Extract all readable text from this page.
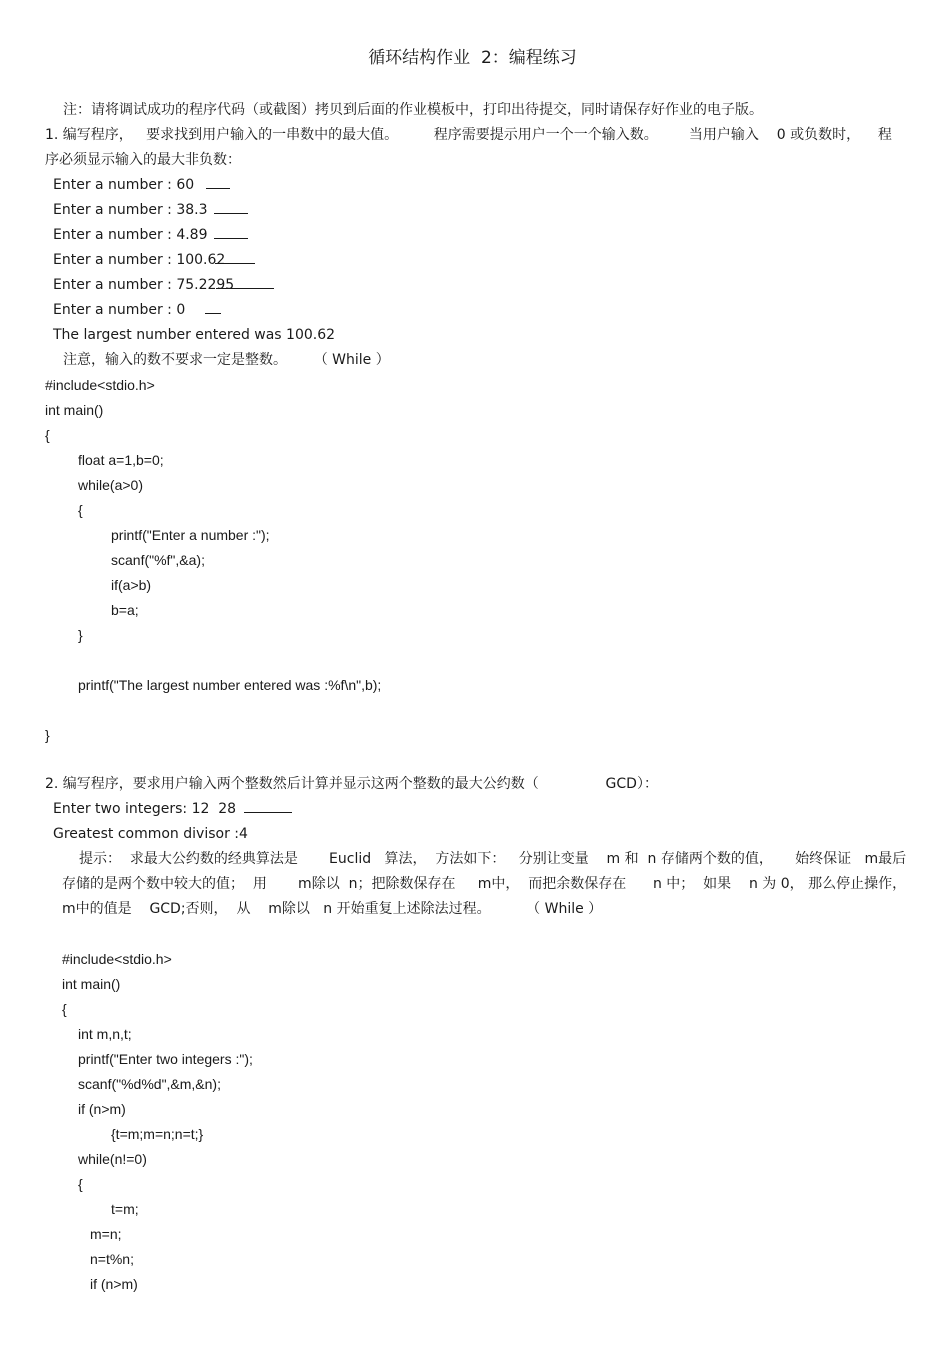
循环结构作业  2：编程练习
注：请将调试成功的程序代码（或截图）拷贝到后面的作业模板中，打印出待提交，同时请保存好作业的电子版。
1. 编写程序，   要求找到用户输入的一串数中的最大值。        程序需要提示用户一个一个输入数。       当用户输入    0 或负数时，    程
序必须显示输入的最大非负数：
Enter a number : 60
Enter a number : 38.3
Enter a number : 4.89
Enter a number : 100.62
Enter a number : 75.2295
Enter a number : 0
The largest number entered was 100.62
注意，输入的数不要求一定是整数。      （ While ）
#include<stdio.h>
int main()
{
float a=1,b=0;
while(a>0)
{
printf("Enter a number :");
scanf("%f",&a);
if(a>b)
b=a;
}
printf("The largest number entered was :%f\n",b);
}
2. 编写程序，要求用户输入两个整数然后计算并显示这两个整数的最大公约数（               GCD）：
Enter two integers: 12  28
Greatest common divisor :4
提示：  求最大公约数的经典算法是       Euclid   算法，  方法如下：   分别让变量    m 和  n 存储两个数的值，     始终保证   m最后
存储的是两个数中较大的值；  用       m除以  n；把除数保存在     m中，  而把余数保存在      n 中；  如果    n 为 0， 那么停止操作，
m中的值是    GCD;否则，  从    m除以   n 开始重复上述除法过程。        （ While ）
#include<stdio.h>
int main()
{
int m,n,t;
printf("Enter two integers :");
scanf("%d%d",&m,&n);
if (n>m)
{t=m;m=n;n=t;}
while(n!=0)
{
t=m;
m=n;
n=t%n;
if (n>m)
